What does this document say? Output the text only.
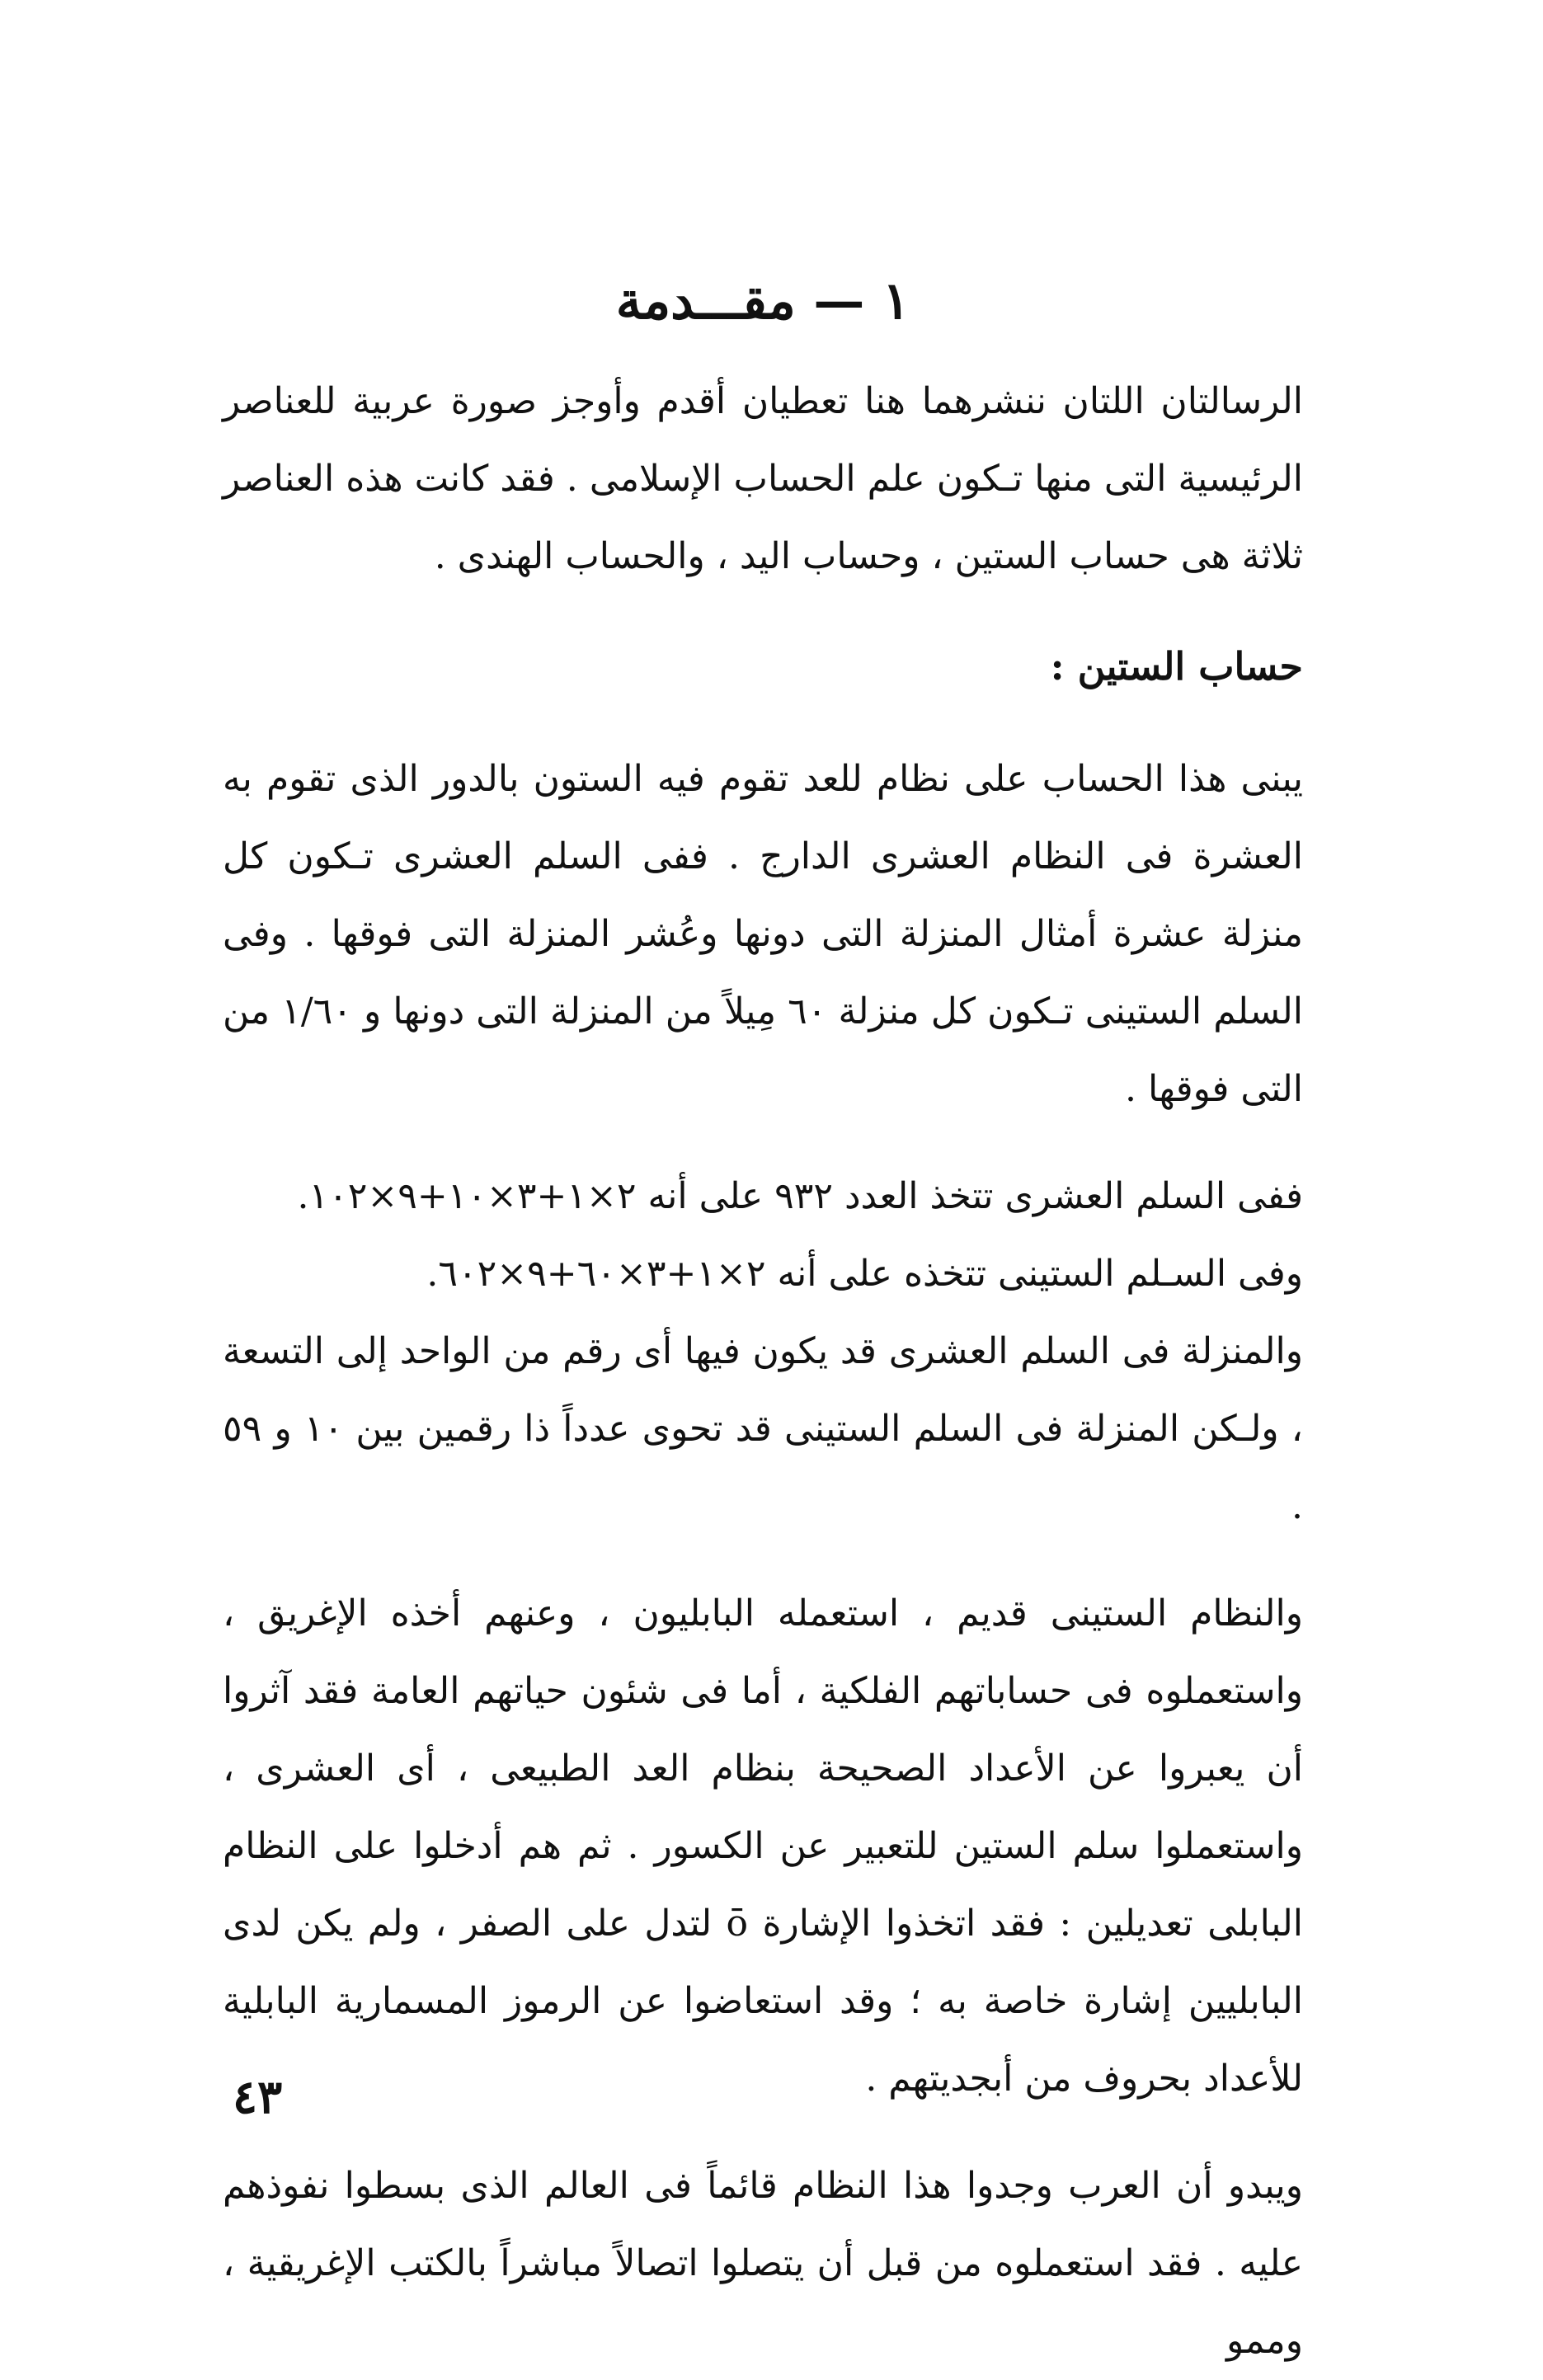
١ — مقـــدمة

الرسالتان اللتان ننشرهما هنا تعطيان أقدم وأوجز صورة عربية للعناصر الرئيسية التى منها تـكون علم الحساب الإسلامى . فقد كانت هذه العناصر ثلاثة هى حساب الستين ، وحساب اليد ، والحساب الهندى .

حساب الستين :

يبنى هذا الحساب على نظام للعد تقوم فيه الستون بالدور الذى تقوم به العشرة فى النظام العشرى الدارج . ففى السلم العشرى تـكون كل منزلة عشرة أمثال المنزلة التى دونها وعُشر المنزلة التى فوقها . وفى السلم الستينى تـكون كل منزلة ٦٠ مِيلاً من المنزلة التى دونها و ١/٦٠ من التى فوقها .

ففى السلم العشرى تتخذ العدد ٩٣٢ على أنه ٢×١+٣×١٠+٩×١٠٢.

وفى السـلم الستينى تتخذه على أنه ٢×١+٣×٦٠+٩×٦٠٢.

والمنزلة فى السلم العشرى قد يكون فيها أى رقم من الواحد إلى التسعة ، ولـكن المنزلة فى السلم الستينى قد تحوى عدداً ذا رقمين بين ١٠ و ٥٩ .

والنظام الستينى قديم ، استعمله البابليون ، وعنهم أخذه الإغريق ، واستعملوه فى حساباتهم الفلكية ، أما فى شئون حياتهم العامة فقد آثروا أن يعبروا عن الأعداد الصحيحة بنظام العد الطبيعى ، أى العشرى ، واستعملوا سلم الستين للتعبير عن الكسور . ثم هم أدخلوا على النظام البابلى تعديلين : فقد اتخذوا الإشارة ō لتدل على الصفر ، ولم يكن لدى البابليين إشارة خاصة به ؛ وقد استعاضوا عن الرموز المسمارية البابلية للأعداد بحروف من أبجديتهم .

ويبدو أن العرب وجدوا هذا النظام قائماً فى العالم الذى بسطوا نفوذهم عليه . فقد استعملوه من قبل أن يتصلوا اتصالاً مباشراً بالكتب الإغريقية ، وممو

٤٣
